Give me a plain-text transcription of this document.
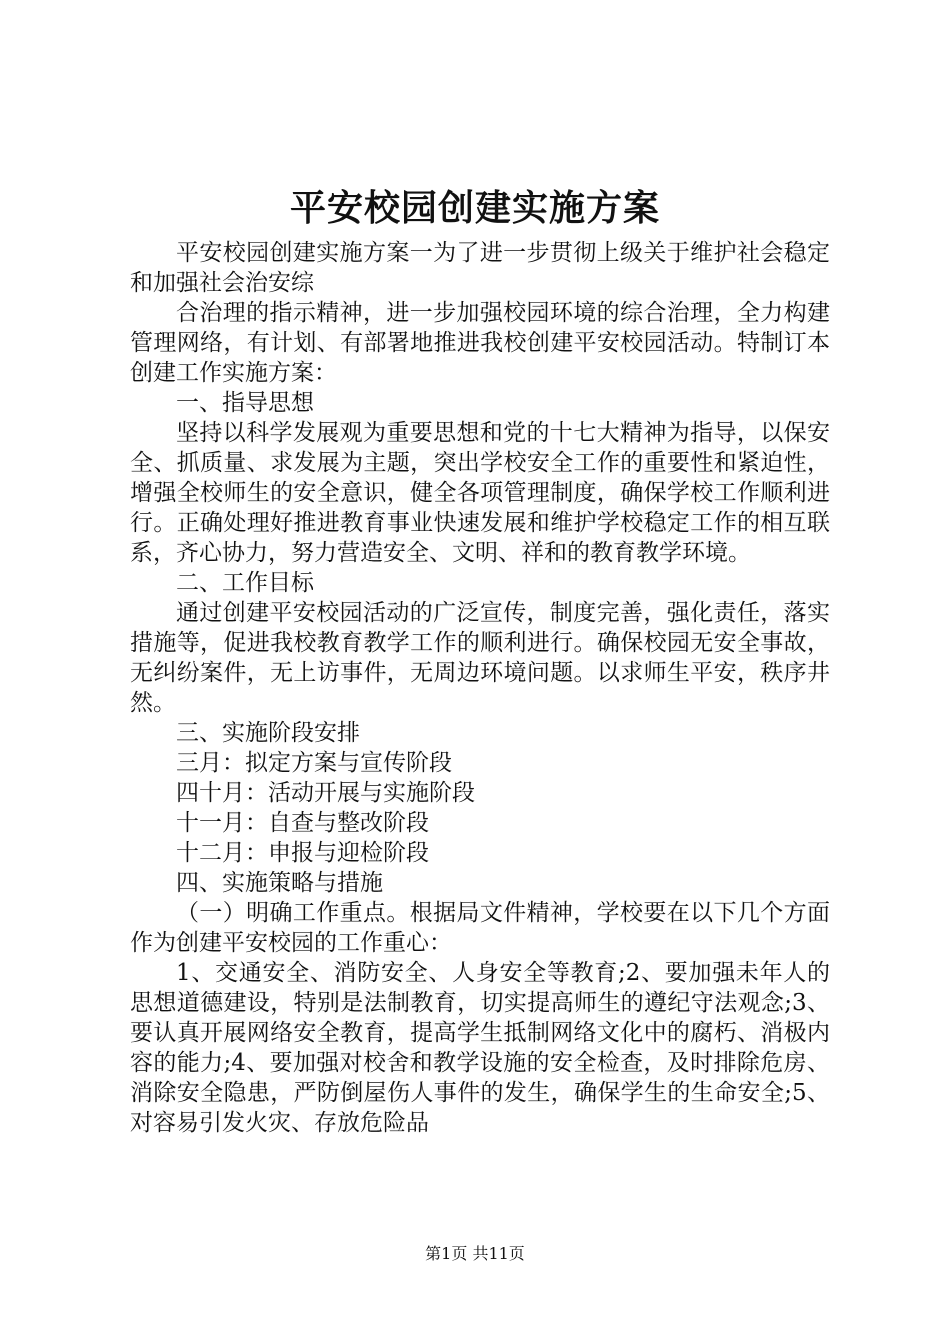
平安校园创建实施方案

平安校园创建实施方案一为了进一步贯彻上级关于维护社会稳定和加强社会治安综

合治理的指示精神，进一步加强校园环境的综合治理，全力构建管理网络，有计划、有部署地推进我校创建平安校园活动。特制订本创建工作实施方案：

一、指导思想

坚持以科学发展观为重要思想和党的十七大精神为指导，以保安全、抓质量、求发展为主题，突出学校安全工作的重要性和紧迫性，增强全校师生的安全意识，健全各项管理制度，确保学校工作顺利进行。正确处理好推进教育事业快速发展和维护学校稳定工作的相互联系，齐心协力，努力营造安全、文明、祥和的教育教学环境。

二、工作目标

通过创建平安校园活动的广泛宣传，制度完善，强化责任，落实措施等，促进我校教育教学工作的顺利进行。确保校园无安全事故，无纠纷案件，无上访事件，无周边环境问题。以求师生平安，秩序井然。

三、实施阶段安排

三月：拟定方案与宣传阶段

四十月：活动开展与实施阶段

十一月：自查与整改阶段

十二月：申报与迎检阶段

四、实施策略与措施

（一）明确工作重点。根据局文件精神，学校要在以下几个方面作为创建平安校园的工作重心：

1、交通安全、消防安全、人身安全等教育;2、要加强未年人的思想道德建设，特别是法制教育，切实提高师生的遵纪守法观念;3、要认真开展网络安全教育，提高学生抵制网络文化中的腐朽、消极内容的能力;4、要加强对校舍和教学设施的安全检查，及时排除危房、消除安全隐患，严防倒屋伤人事件的发生，确保学生的生命安全;5、对容易引发火灾、存放危险品

第1页 共11页
